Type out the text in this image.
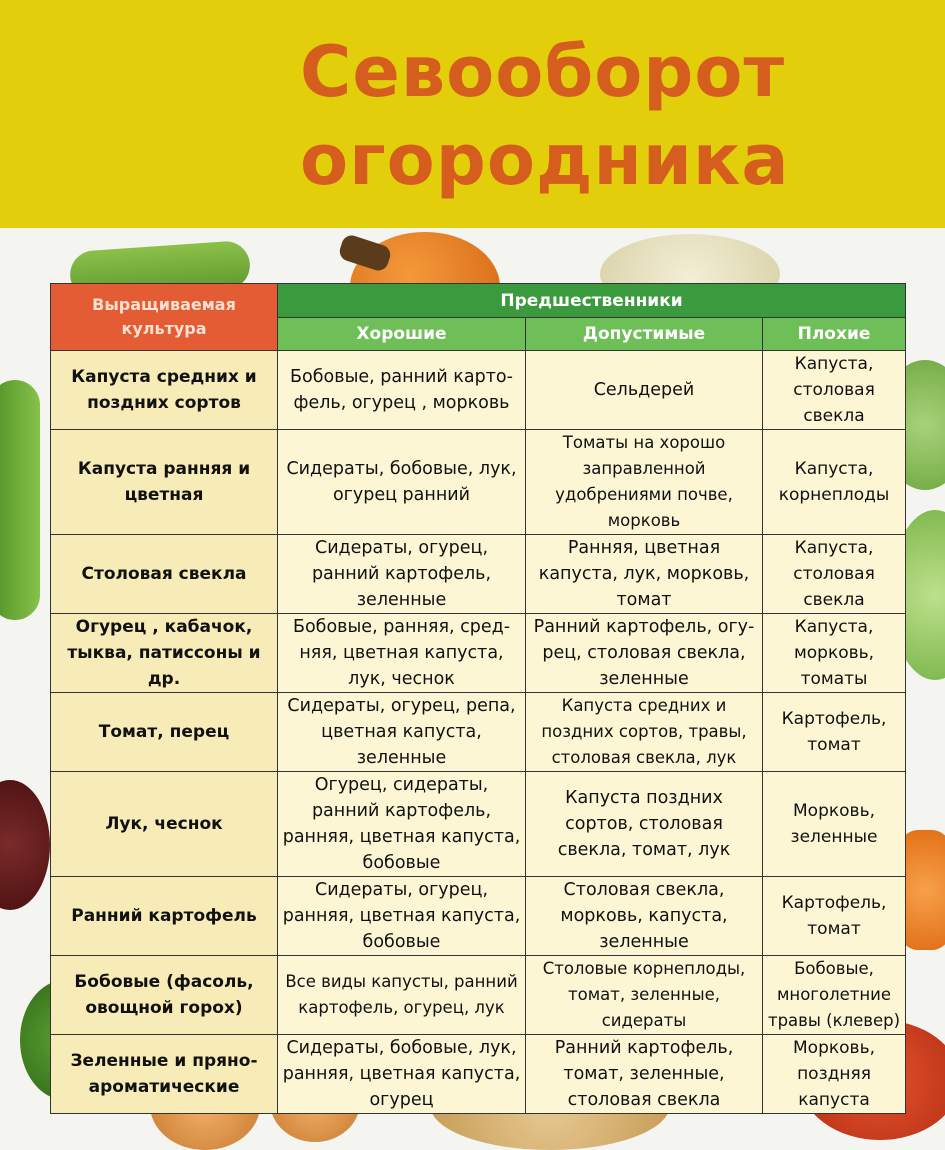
Севооборот
огородника
Выращиваемая культура	Предшественники		
	Хорошие	Допустимые	Плохие
Капуста средних и поздних сортов	Бобовые, ранний карто-фель, огурец , морковь	Сельдерей	Капуста, столовая свекла
Капуста ранняя и цветная	Сидераты, бобовые, лук, огурец ранний	Томаты на хорошо заправленной удобрениями почве, морковь	Капуста, корнеплоды
Столовая свекла	Сидераты, огурец, ранний картофель, зеленные	Ранняя, цветная капуста, лук, морковь, томат	Капуста, столовая свекла
Огурец , кабачок, тыква, патиссоны и др.	Бобовые, ранняя, сред-няя, цветная капуста, лук, чеснок	Ранний картофель, огу-рец, столовая свекла, зеленные	Капуста, морковь, томаты
Томат, перец	Сидераты, огурец, репа, цветная капуста, зеленные	Капуста средних и поздних сортов, травы, столовая свекла, лук	Картофель, томат
Лук, чеснок	Огурец, сидераты, ранний картофель, ранняя, цветная капуста, бобовые	Капуста поздних сортов, столовая свекла, томат, лук	Морковь, зеленные
Ранний картофель	Сидераты, огурец, ранняя, цветная капуста, бобовые	Столовая свекла, морковь, капуста, зеленные	Картофель, томат
Бобовые (фасоль, овощной горох)	Все виды капусты, ранний картофель, огурец, лук	Столовые корнеплоды, томат, зеленные, сидераты	Бобовые, многолетние травы (клевер)
Зеленные и пряно-ароматические	Сидераты, бобовые, лук, ранняя, цветная капуста, огурец	Ранний картофель, томат, зеленные, столовая свекла	Морковь, поздняя капуста
